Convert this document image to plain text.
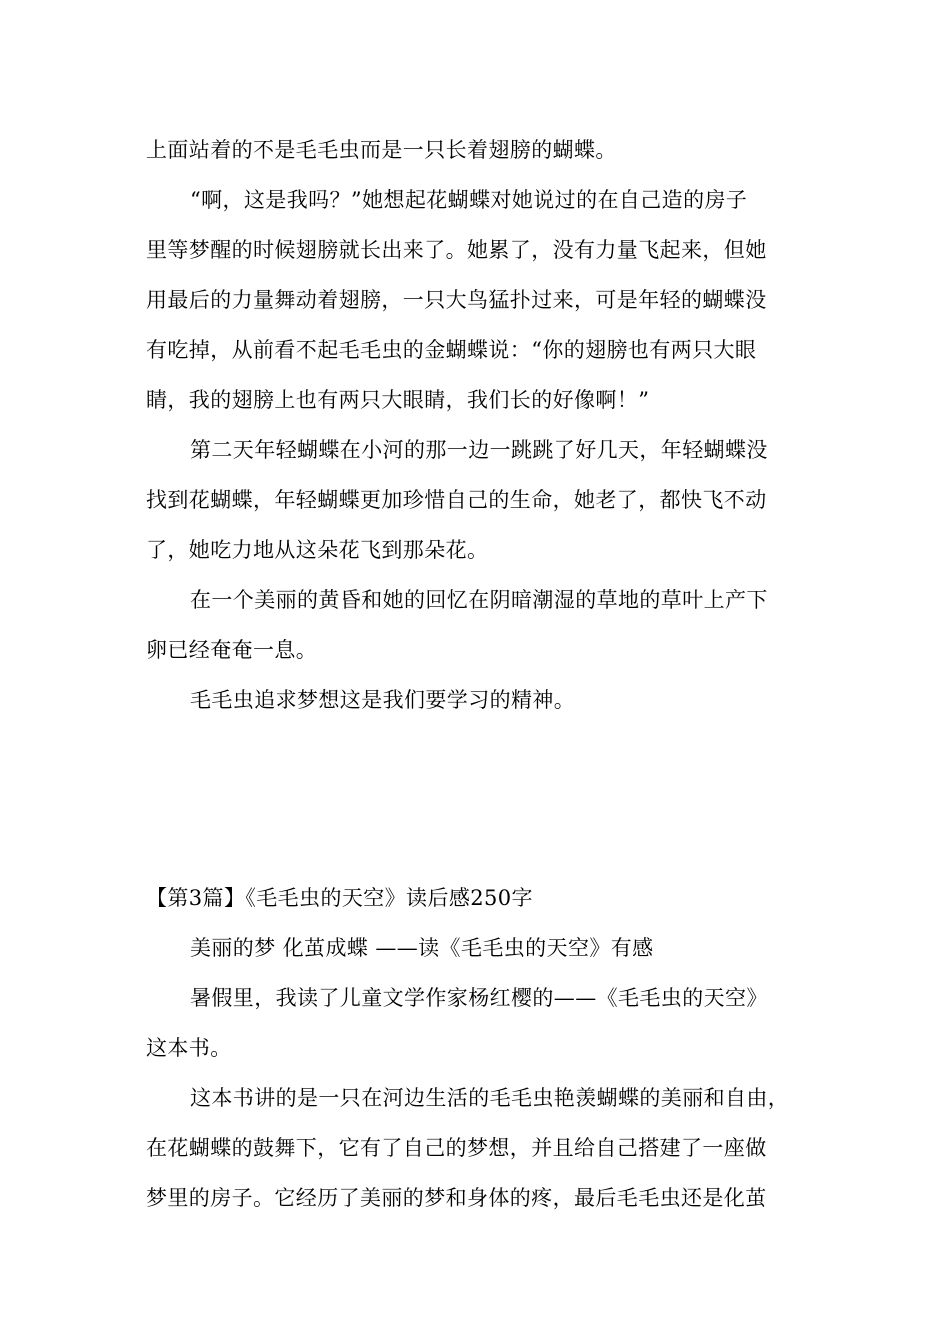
上面站着的不是毛毛虫而是一只长着翅膀的蝴蝶。
“啊，这是我吗？”她想起花蝴蝶对她说过的在自己造的房子
里等梦醒的时候翅膀就长出来了。她累了，没有力量飞起来，但她
用最后的力量舞动着翅膀，一只大鸟猛扑过来，可是年轻的蝴蝶没
有吃掉，从前看不起毛毛虫的金蝴蝶说：“你的翅膀也有两只大眼
睛，我的翅膀上也有两只大眼睛，我们长的好像啊！”
第二天年轻蝴蝶在小河的那一边一跳跳了好几天，年轻蝴蝶没
找到花蝴蝶，年轻蝴蝶更加珍惜自己的生命，她老了，都快飞不动
了，她吃力地从这朵花飞到那朵花。
在一个美丽的黄昏和她的回忆在阴暗潮湿的草地的草叶上产下
卵已经奄奄一息。
毛毛虫追求梦想这是我们要学习的精神。
【第3篇】《毛毛虫的天空》读后感250字
美丽的梦 化茧成蝶 ——读《毛毛虫的天空》有感
暑假里，我读了儿童文学作家杨红樱的——《毛毛虫的天空》
这本书。
这本书讲的是一只在河边生活的毛毛虫艳羡蝴蝶的美丽和自由，
在花蝴蝶的鼓舞下，它有了自己的梦想，并且给自己搭建了一座做
梦里的房子。它经历了美丽的梦和身体的疼，最后毛毛虫还是化茧
